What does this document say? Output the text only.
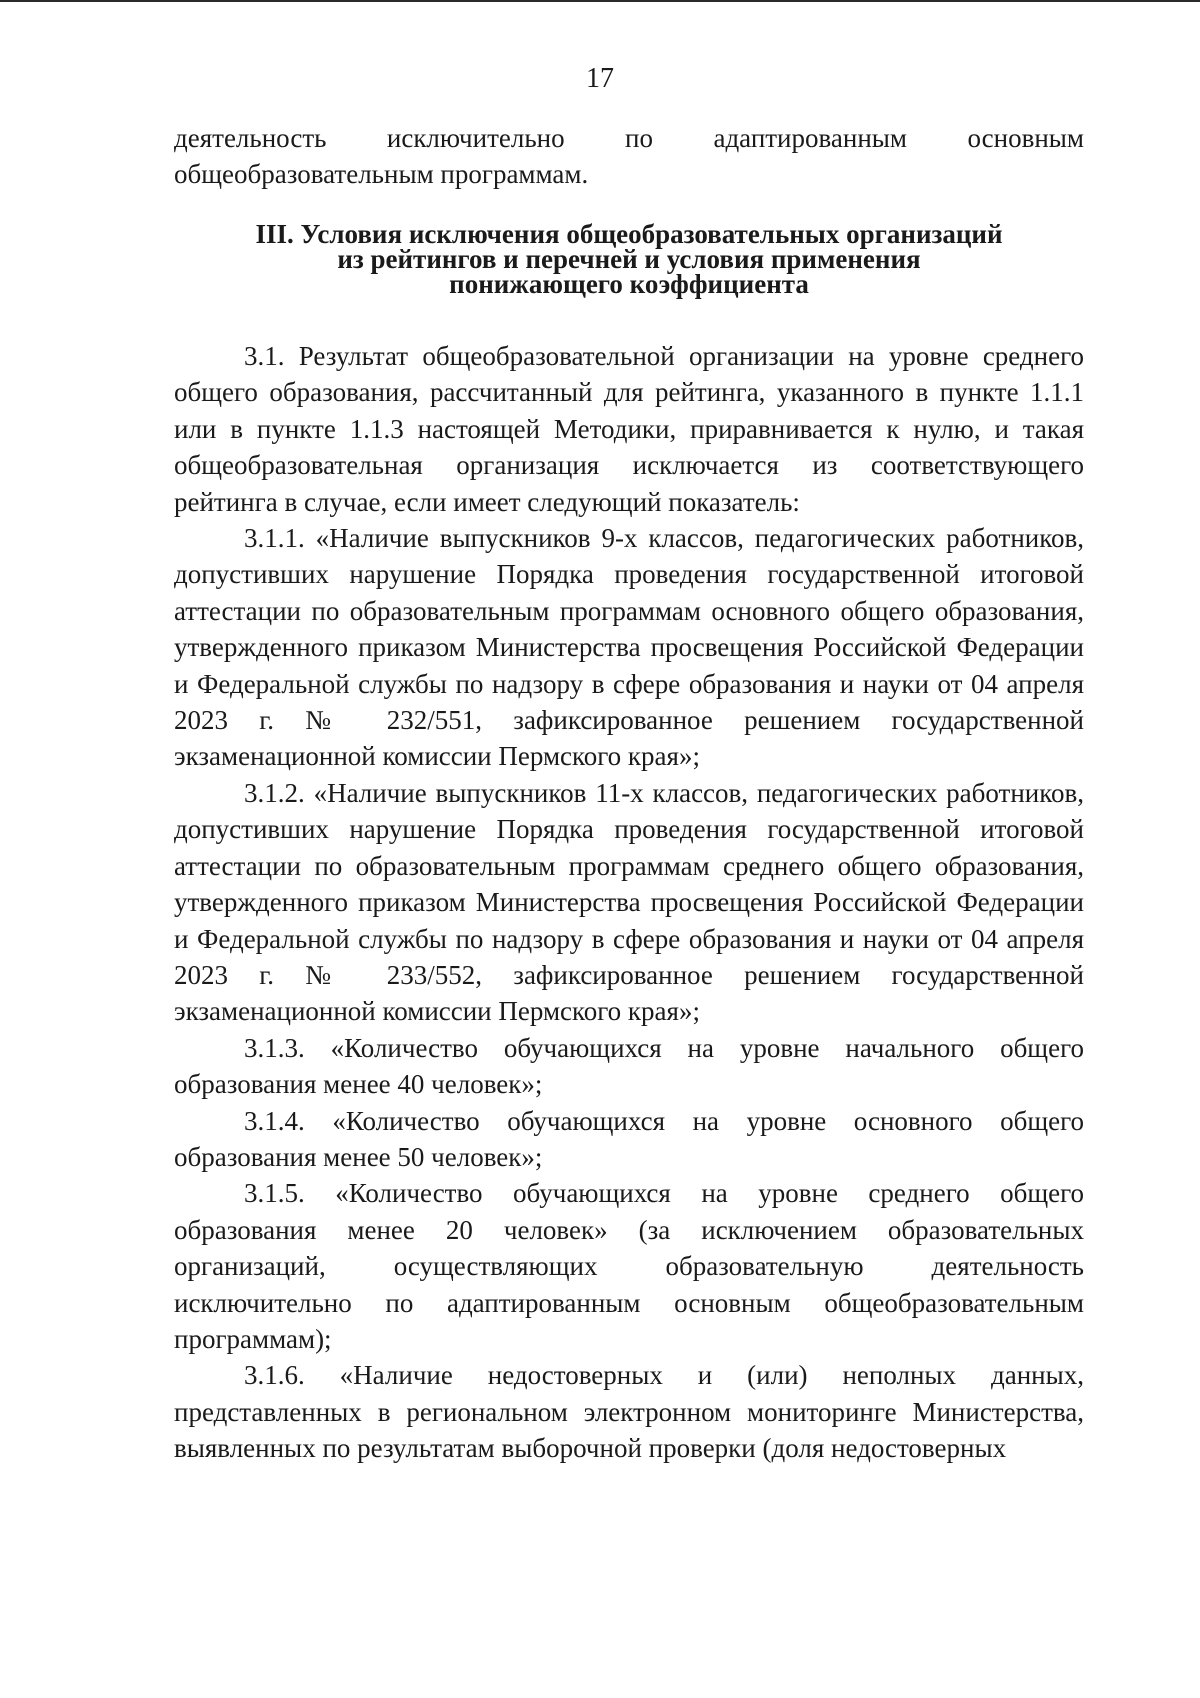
17

деятельность исключительно по адаптированным основным общеобразовательным программам.

III. Условия исключения общеобразовательных организаций
из рейтингов и перечней и условия применения
понижающего коэффициента

3.1. Результат общеобразовательной организации на уровне среднего общего образования, рассчитанный для рейтинга, указанного в пункте 1.1.1 или в пункте 1.1.3 настоящей Методики, приравнивается к нулю, и такая общеобразовательная организация исключается из соответствующего рейтинга в случае, если имеет следующий показатель:

3.1.1. «Наличие выпускников 9-х классов, педагогических работников, допустивших нарушение Порядка проведения государственной итоговой аттестации по образовательным программам основного общего образования, утвержденного приказом Министерства просвещения Российской Федерации и Федеральной службы по надзору в сфере образования и науки от 04 апреля 2023 г. № 232/551, зафиксированное решением государственной экзаменационной комиссии Пермского края»;

3.1.2. «Наличие выпускников 11-х классов, педагогических работников, допустивших нарушение Порядка проведения государственной итоговой аттестации по образовательным программам среднего общего образования, утвержденного приказом Министерства просвещения Российской Федерации и Федеральной службы по надзору в сфере образования и науки от 04 апреля 2023 г. № 233/552, зафиксированное решением государственной экзаменационной комиссии Пермского края»;

3.1.3. «Количество обучающихся на уровне начального общего образования менее 40 человек»;

3.1.4. «Количество обучающихся на уровне основного общего образования менее 50 человек»;

3.1.5. «Количество обучающихся на уровне среднего общего образования менее 20 человек» (за исключением образовательных организаций, осуществляющих образовательную деятельность исключительно по адаптированным основным общеобразовательным программам);

3.1.6. «Наличие недостоверных и (или) неполных данных, представленных в региональном электронном мониторинге Министерства, выявленных по результатам выборочной проверки (доля недостоверных
